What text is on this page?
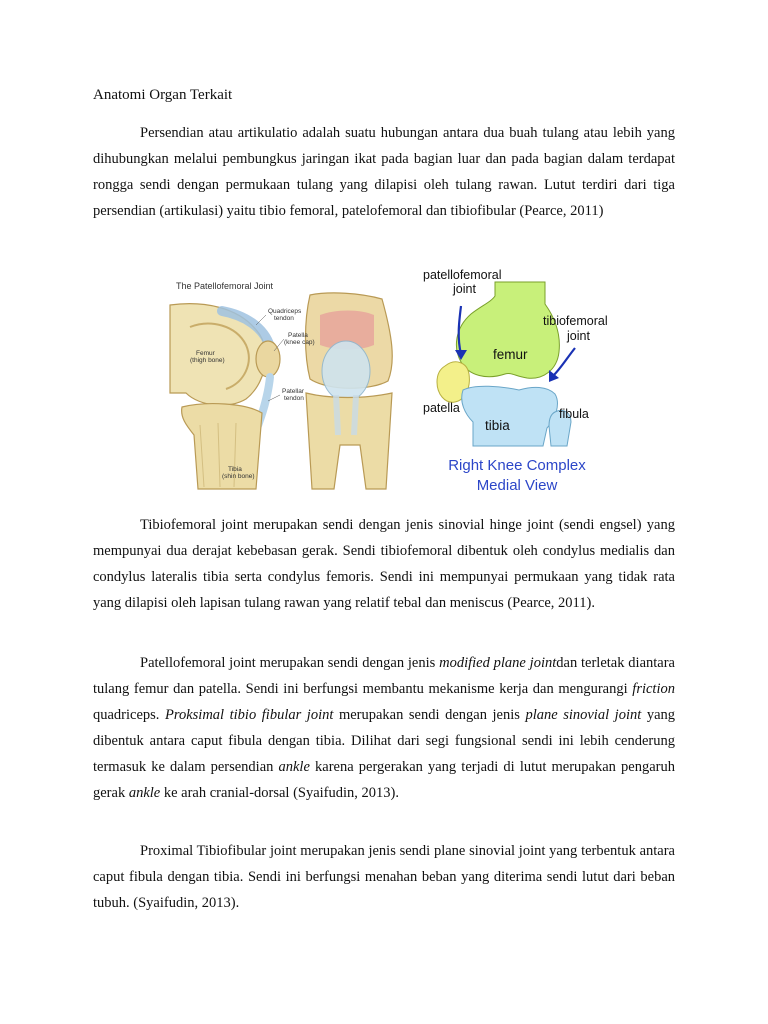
Anatomi Organ Terkait

Persendian atau artikulatio adalah suatu hubungan antara dua buah tulang atau lebih yang dihubungkan melalui pembungkus jaringan ikat pada bagian luar dan pada bagian dalam terdapat rongga sendi dengan permukaan tulang yang dilapisi oleh tulang rawan. Lutut terdiri dari tiga persendian (artikulasi) yaitu tibio femoral, patelofemoral dan tibiofibular (Pearce, 2011)

The Patellofemoral Joint
Quadriceps
tendon
Patella
(knee cap)
Femur
(thigh bone)
Patellar
tendon
Tibia
(shin bone)
patellofemoral
joint
tibiofemoral
joint
femur
patella
tibia
fibula
Right Knee Complex
Medial View

Tibiofemoral joint merupakan sendi dengan jenis sinovial hinge joint (sendi engsel) yang mempunyai dua derajat kebebasan gerak. Sendi tibiofemoral dibentuk oleh condylus medialis dan condylus lateralis tibia serta condylus femoris. Sendi ini mempunyai permukaan yang tidak rata yang dilapisi oleh lapisan tulang rawan yang relatif tebal dan meniscus (Pearce, 2011).

Patellofemoral joint merupakan sendi dengan jenis modified plane jointdan terletak diantara tulang femur dan patella. Sendi ini berfungsi membantu mekanisme kerja dan mengurangi friction quadriceps. Proksimal tibio fibular joint merupakan sendi dengan jenis plane sinovial joint yang dibentuk antara caput fibula dengan tibia. Dilihat dari segi fungsional sendi ini lebih cenderung termasuk ke dalam persendian ankle karena pergerakan yang terjadi di lutut merupakan pengaruh gerak ankle ke arah cranial-dorsal (Syaifudin, 2013).

Proximal Tibiofibular joint merupakan jenis sendi plane sinovial joint yang terbentuk antara caput fibula dengan tibia. Sendi ini berfungsi menahan beban yang diterima sendi lutut dari beban tubuh. (Syaifudin, 2013).
